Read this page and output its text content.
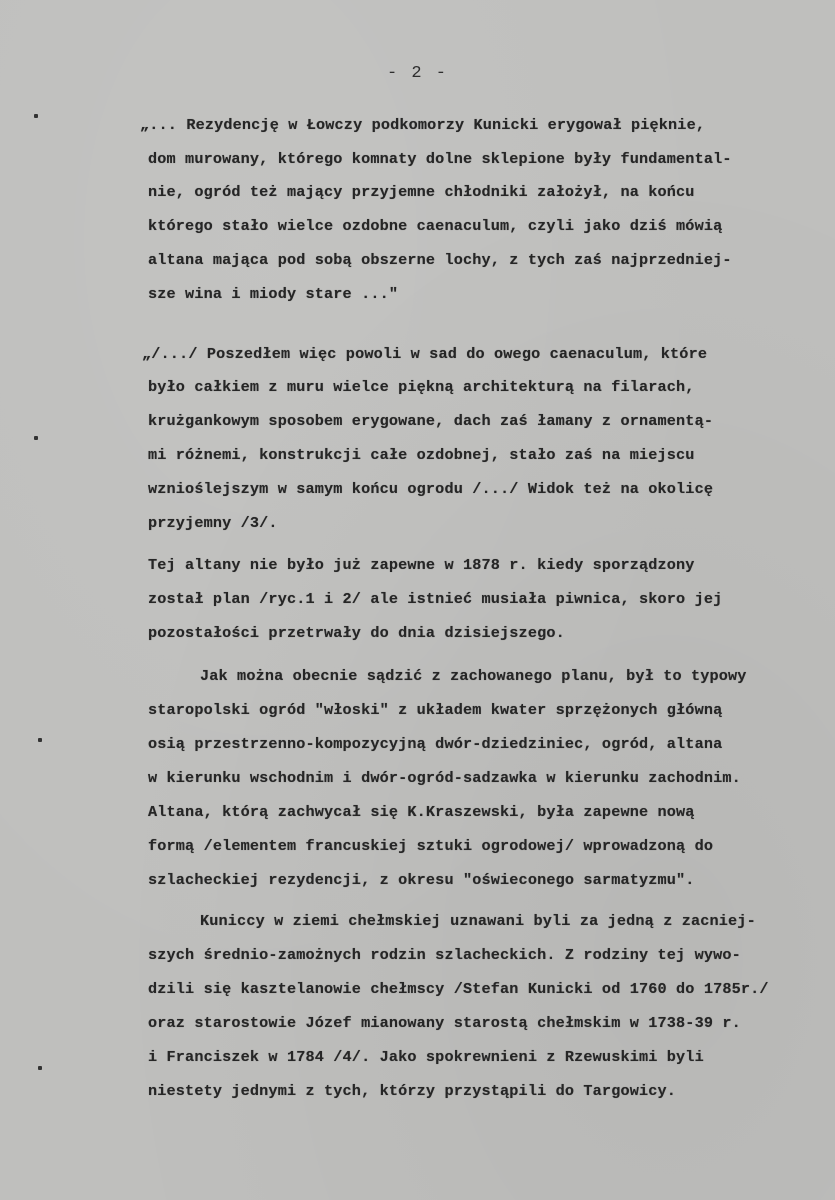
- 2 -
„... Rezydencję w Łowczy podkomorzy Kunicki erygował pięknie,
dom murowany, którego komnaty dolne sklepione były fundamental-
nie, ogród też mający przyjemne chłodniki założył, na końcu
którego stało wielce ozdobne caenaculum, czyli jako dziś mówią
altana mająca pod sobą obszerne lochy, z tych zaś najprzedniej-
sze wina i miody stare ..."
„/.../ Poszedłem więc powoli w sad do owego caenaculum, które
było całkiem z muru wielce piękną architekturą na filarach,
krużgankowym sposobem erygowane, dach zaś łamany z ornamentą-
mi różnemi, konstrukcji całe ozdobnej, stało zaś na miejscu
wznioślejszym w samym końcu ogrodu /.../ Widok też na okolicę
przyjemny /3/.
Tej altany nie było już zapewne w 1878 r. kiedy sporządzony
został plan /ryc.1 i 2/ ale istnieć musiała piwnica, skoro jej
pozostałości przetrwały do dnia dzisiejszego.
Jak można obecnie sądzić z zachowanego planu, był to typowy
staropolski ogród "włoski" z układem kwater sprzężonych główną
osią przestrzenno-kompozycyjną dwór-dziedziniec, ogród, altana
w kierunku wschodnim i dwór-ogród-sadzawka w kierunku zachodnim.
Altana, którą zachwycał się K.Kraszewski, była zapewne nową
formą /elementem francuskiej sztuki ogrodowej/ wprowadzoną do
szlacheckiej rezydencji, z okresu "oświeconego sarmatyzmu".
Kuniccy w ziemi chełmskiej uznawani byli za jedną z zacniej-
szych średnio-zamożnych rodzin szlacheckich. Z rodziny tej wywo-
dzili się kasztelanowie chełmscy /Stefan Kunicki od 1760 do 1785r./
oraz starostowie Józef mianowany starostą chełmskim w 1738-39 r.
i Franciszek w 1784 /4/. Jako spokrewnieni z Rzewuskimi byli
niestety jednymi z tych, którzy przystąpili do Targowicy.
